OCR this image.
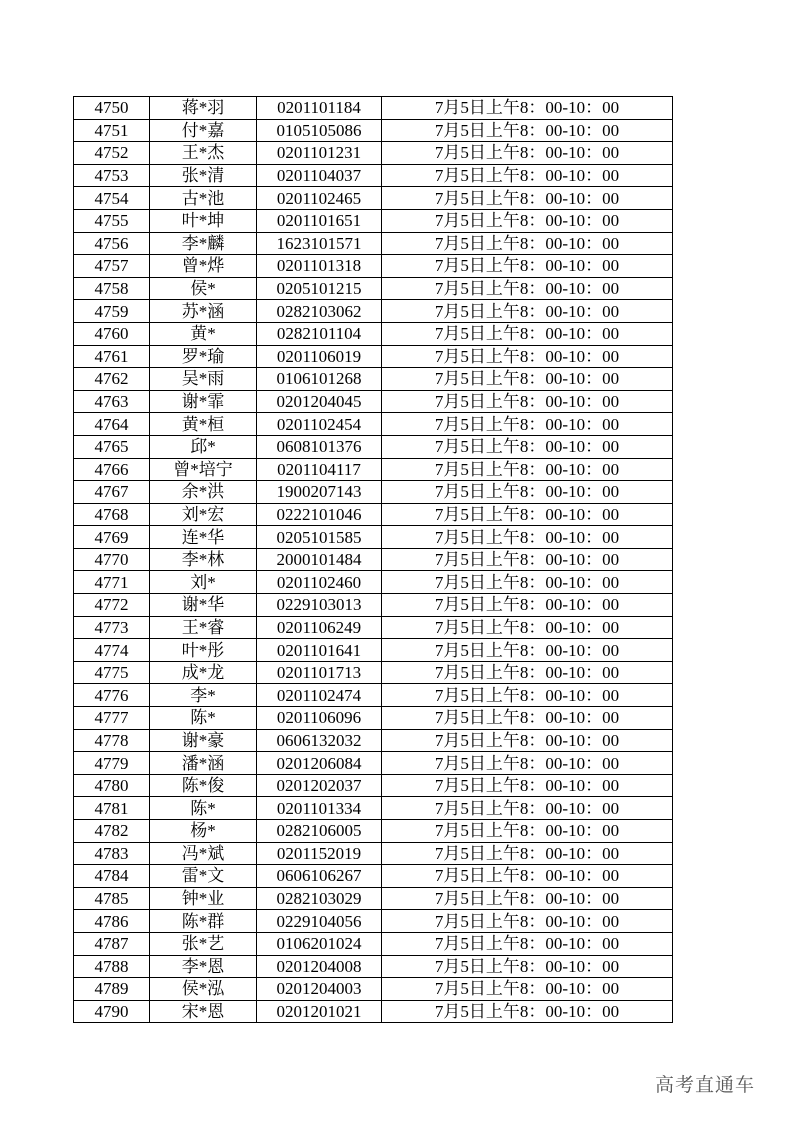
4750	蒋*羽	0201101184	7月5日上午8：00-10：00
4751	付*嘉	0105105086	7月5日上午8：00-10：00
4752	王*杰	0201101231	7月5日上午8：00-10：00
4753	张*清	0201104037	7月5日上午8：00-10：00
4754	古*池	0201102465	7月5日上午8：00-10：00
4755	叶*坤	0201101651	7月5日上午8：00-10：00
4756	李*麟	1623101571	7月5日上午8：00-10：00
4757	曾*烨	0201101318	7月5日上午8：00-10：00
4758	侯*	0205101215	7月5日上午8：00-10：00
4759	苏*涵	0282103062	7月5日上午8：00-10：00
4760	黄*	0282101104	7月5日上午8：00-10：00
4761	罗*瑜	0201106019	7月5日上午8：00-10：00
4762	吴*雨	0106101268	7月5日上午8：00-10：00
4763	谢*霏	0201204045	7月5日上午8：00-10：00
4764	黄*桓	0201102454	7月5日上午8：00-10：00
4765	邱*	0608101376	7月5日上午8：00-10：00
4766	曾*培宁	0201104117	7月5日上午8：00-10：00
4767	余*洪	1900207143	7月5日上午8：00-10：00
4768	刘*宏	0222101046	7月5日上午8：00-10：00
4769	连*华	0205101585	7月5日上午8：00-10：00
4770	李*林	2000101484	7月5日上午8：00-10：00
4771	刘*	0201102460	7月5日上午8：00-10：00
4772	谢*华	0229103013	7月5日上午8：00-10：00
4773	王*睿	0201106249	7月5日上午8：00-10：00
4774	叶*彤	0201101641	7月5日上午8：00-10：00
4775	成*龙	0201101713	7月5日上午8：00-10：00
4776	李*	0201102474	7月5日上午8：00-10：00
4777	陈*	0201106096	7月5日上午8：00-10：00
4778	谢*豪	0606132032	7月5日上午8：00-10：00
4779	潘*涵	0201206084	7月5日上午8：00-10：00
4780	陈*俊	0201202037	7月5日上午8：00-10：00
4781	陈*	0201101334	7月5日上午8：00-10：00
4782	杨*	0282106005	7月5日上午8：00-10：00
4783	冯*斌	0201152019	7月5日上午8：00-10：00
4784	雷*文	0606106267	7月5日上午8：00-10：00
4785	钟*业	0282103029	7月5日上午8：00-10：00
4786	陈*群	0229104056	7月5日上午8：00-10：00
4787	张*艺	0106201024	7月5日上午8：00-10：00
4788	李*恩	0201204008	7月5日上午8：00-10：00
4789	侯*泓	0201204003	7月5日上午8：00-10：00
4790	宋*恩	0201201021	7月5日上午8：00-10：00
高考直通车
